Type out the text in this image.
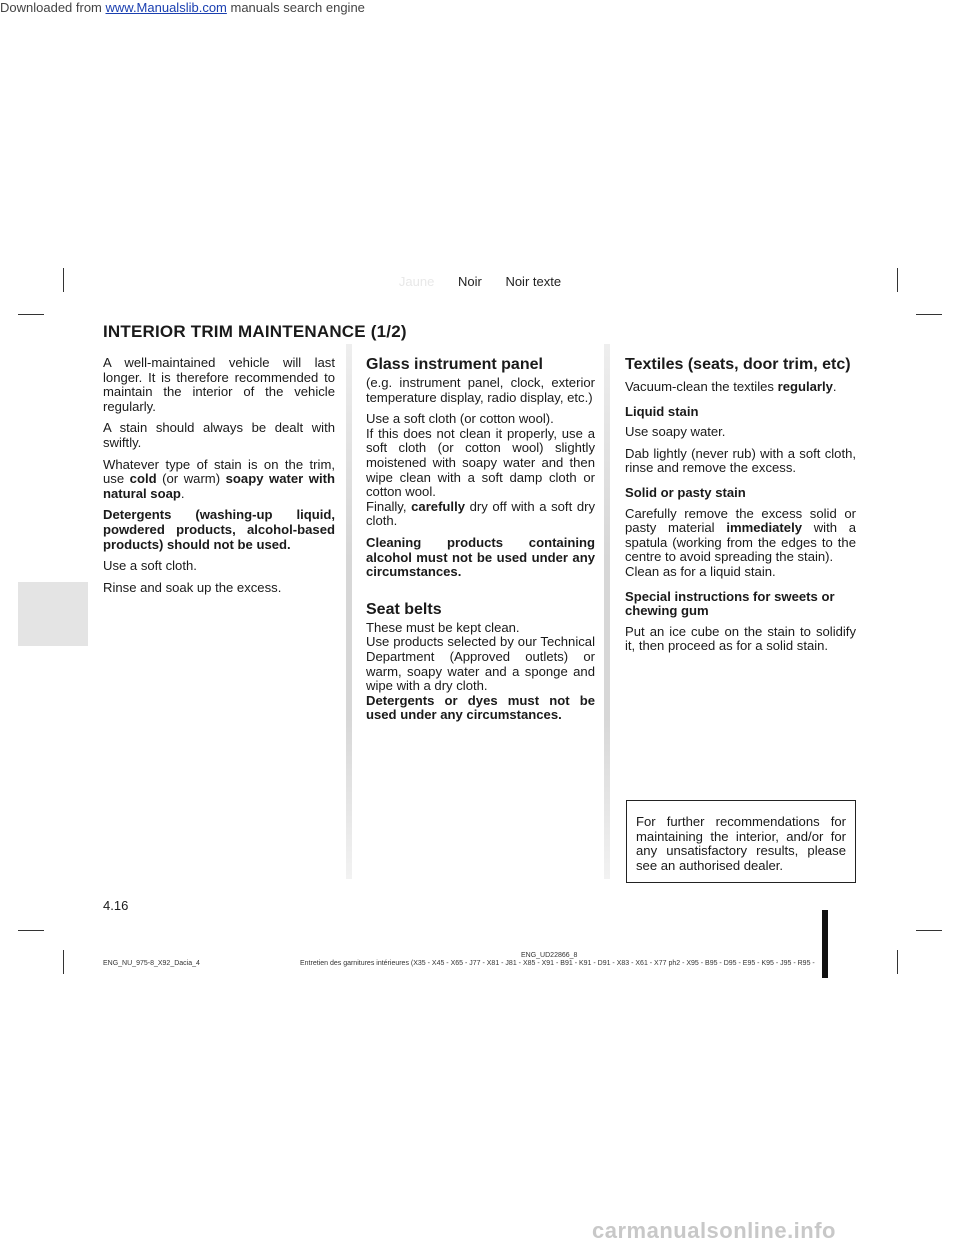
Downloaded from www.Manualslib.com manuals search engine
Jaune Noir Noir texte
INTERIOR TRIM MAINTENANCE (1/2)

A well-maintained vehicle will last longer. It is therefore recommended to maintain the interior of the vehicle regularly.

A stain should always be dealt with swiftly.

Whatever type of stain is on the trim, use cold (or warm) soapy water with natural soap.

Detergents (washing-up liquid, powdered products, alcohol-based products) should not be used.

Use a soft cloth.

Rinse and soak up the excess.

Glass instrument panel

(e.g. instrument panel, clock, exterior temperature display, radio display, etc.)

Use a soft cloth (or cotton wool).
If this does not clean it properly, use a soft cloth (or cotton wool) slightly moistened with soapy water and then wipe clean with a soft damp cloth or cotton wool.
Finally, carefully dry off with a soft dry cloth.

Cleaning products containing alcohol must not be used under any circumstances.

Seat belts

These must be kept clean.
Use products selected by our Technical Department (Approved outlets) or warm, soapy water and a sponge and wipe with a dry cloth.
Detergents or dyes must not be used under any circumstances.

Textiles (seats, door trim, etc)

Vacuum-clean the textiles regularly.

Liquid stain

Use soapy water.

Dab lightly (never rub) with a soft cloth, rinse and remove the excess.

Solid or pasty stain

Carefully remove the excess solid or pasty material immediately with a spatula (working from the edges to the centre to avoid spreading the stain).
Clean as for a liquid stain.

Special instructions for sweets or chewing gum

Put an ice cube on the stain to solidify it, then proceed as for a solid stain.

For further recommendations for maintaining the interior, and/or for any unsatisfactory results, please see an authorised dealer.
4.16
ENG_NU_975-8_X92_Dacia_4
ENG_UD22866_8
Entretien des garnitures intérieures (X35 - X45 - X65 - J77 - X81 - J81 - X85 - X91 - B91 - K91 - D91 - X83 - X61 - X77 ph2 - X95 - B95 - D95 - E95 - K95 - J95 - R95 -
carmanualsonline.info
